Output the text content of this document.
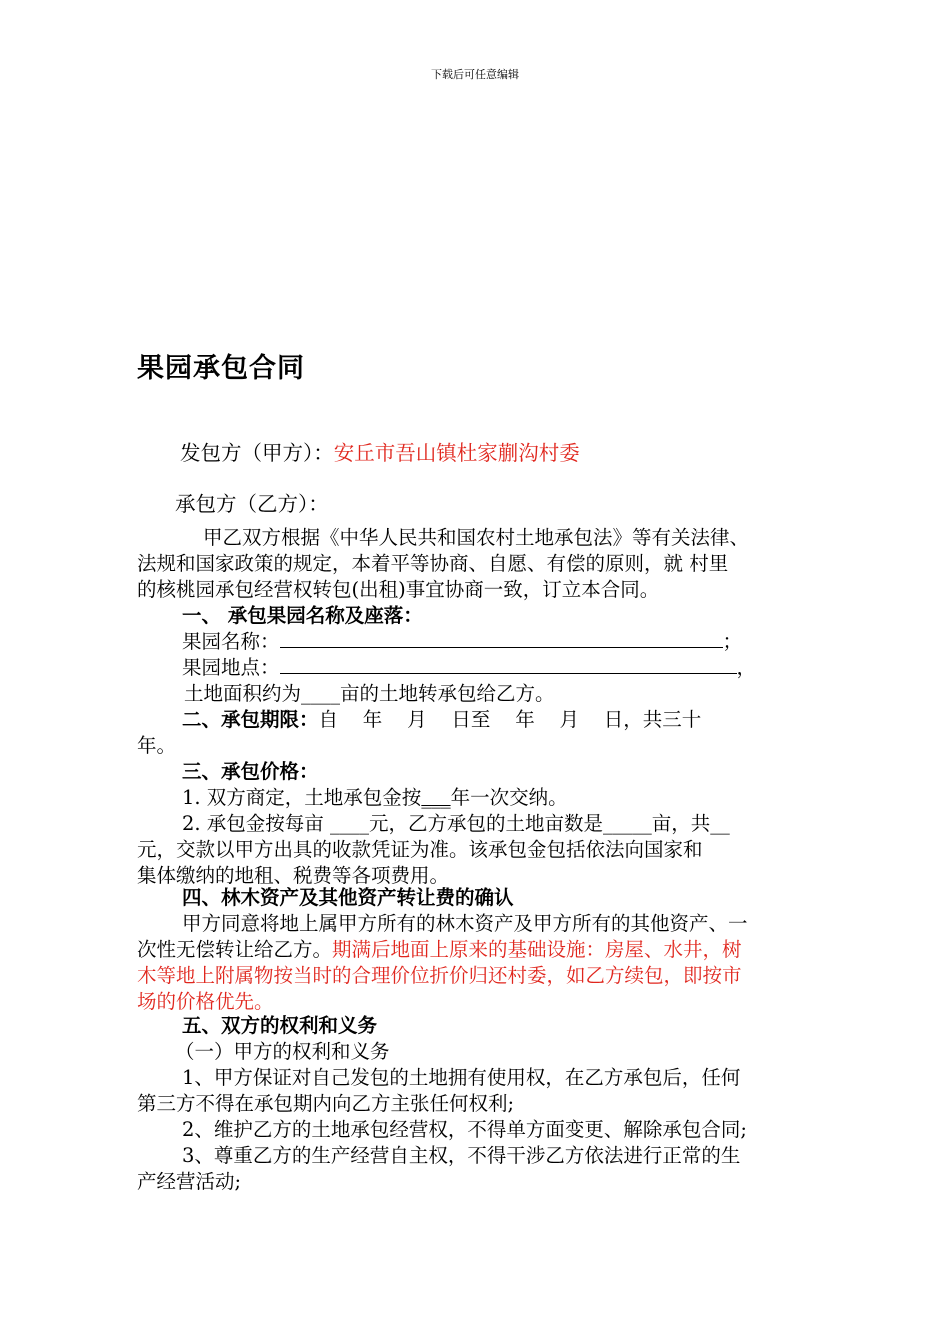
下载后可任意编辑
果园承包合同
发包方（甲方）：安丘市吾山镇杜家蒯沟村委
承包方（乙方）：
甲乙双方根据《中华人民共和国农村土地承包法》等有关法律、
法规和国家政策的规定，本着平等协商、自愿、有偿的原则，就 村里
的核桃园承包经营权转包(出租)事宜协商一致，订立本合同。
一、 承包果园名称及座落：
果园名称：	；
果园地点：	，
土地面积约为____亩的土地转承包给乙方。
二、承包期限：自    年    月    日至    年    月    日，共三十
年。
三、承包价格：
1. 双方商定，土地承包金按___年一次交纳。
2. 承包金按每亩 ____元，乙方承包的土地亩数是_____亩，共__
元，交款以甲方出具的收款凭证为准。该承包金包括依法向国家和
集体缴纳的地租、税费等各项费用。
四、林木资产及其他资产转让费的确认
甲方同意将地上属甲方所有的林木资产及甲方所有的其他资产、一
次性无偿转让给乙方。期满后地面上原来的基础设施：房屋、水井，树
木等地上附属物按当时的合理价位折价归还村委，如乙方续包，即按市
场的价格优先。
五、双方的权利和义务
（一）甲方的权利和义务
1、甲方保证对自己发包的土地拥有使用权，在乙方承包后，任何
第三方不得在承包期内向乙方主张任何权利;
2、维护乙方的土地承包经营权，不得单方面变更、解除承包合同;
3、尊重乙方的生产经营自主权，不得干涉乙方依法进行正常的生
产经营活动;
